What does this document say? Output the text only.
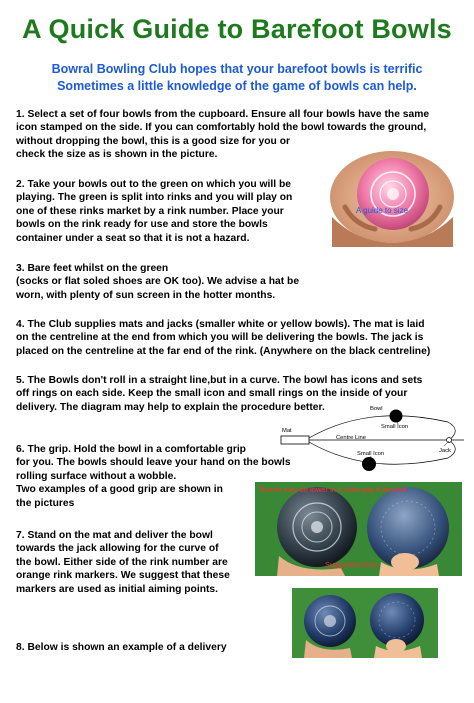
A Quick Guide to Barefoot Bowls
Bowral Bowling Club hopes that your barefoot bowls is terrific
Sometimes a little knowledge of the game of bowls can help.
1. Select a set of four bowls from the cupboard. Ensure all four bowls have the same
icon stamped on the side. If you can comfortably hold the bowl towards the ground,
without dropping the bowl, this is a good size for you or
check the size as is shown in the picture.
2. Take your bowls out to the green on which you will be
playing. The green is split into rinks and you will play on
one of these rinks market by a rink number. Place your
bowls on the rink ready for use and store the bowls
container under a seat so that it is not a hazard.
A guide to size
3. Bare feet whilst on the green
(socks or flat soled shoes are OK too). We advise a hat be
worn, with plenty of sun screen in the hotter months.
4. The Club supplies mats and jacks (smaller white or yellow bowls). The mat is laid
on the centreline at the end from which you will be delivering the bowls. The jack is
placed on the centreline at the far end of the rink. (Anywhere on the black centreline)
5. The Bowls don't roll in a straight line,but in a curve. The bowl has icons and sets
off rings on each side. Keep the small icon and small rings on the inside of your
delivery. The diagram may help to explain the procedure better.
Mat
Bowl
Small Icon
Centre Line
Jack
Small Icon
6. The grip. Hold the bowl in a comfortable grip
for you. The bowls should leave your hand on the bowls
rolling surface without a wobble.
Two examples of a good grip are shown in
the pictures
Thumb may be lower in a claw grip if desired
Suggested Grip
7. Stand on the mat and deliver the bowl
towards the jack allowing for the curve of
the bowl. Either side of the rink number are
orange rink markers. We suggest that these
markers are used as initial aiming points.
8. Below is shown an example of a delivery
